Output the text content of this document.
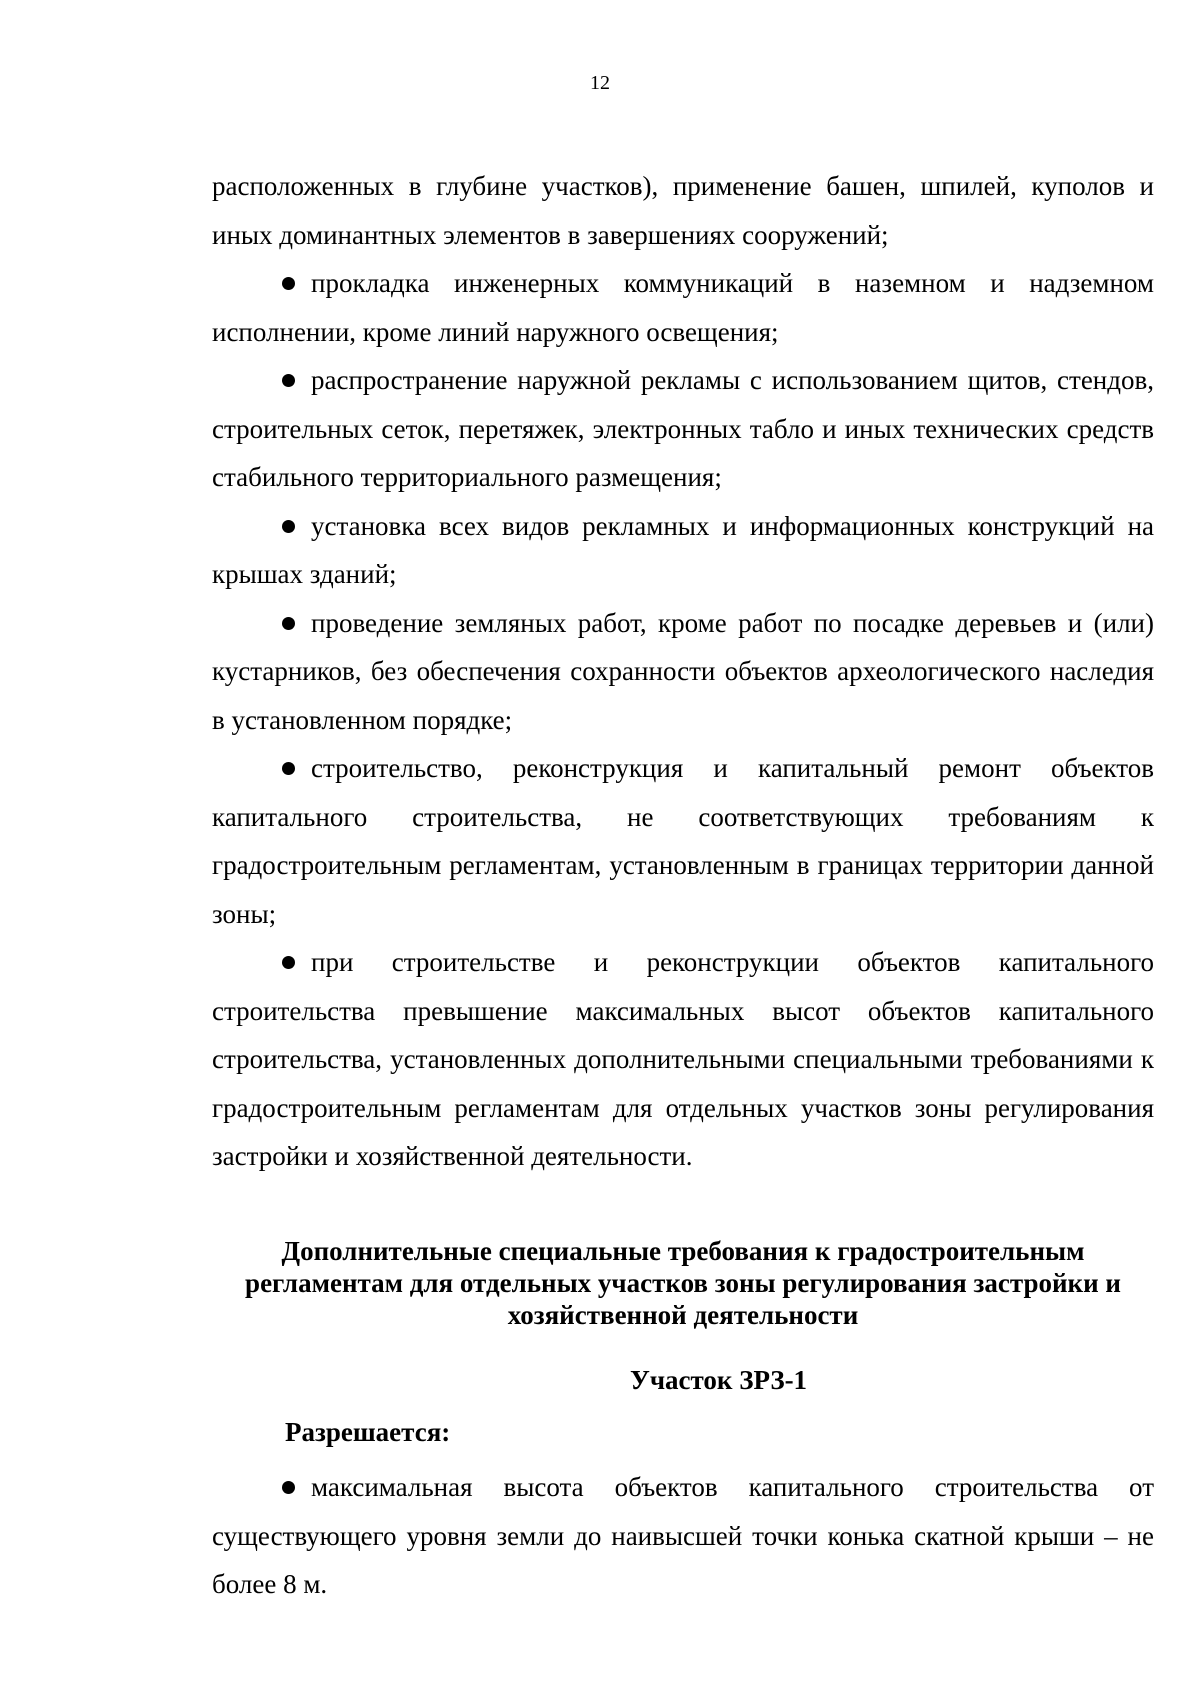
12

расположенных в глубине участков), применение башен, шпилей, куполов и иных доминантных элементов в завершениях сооружений;

прокладка инженерных коммуникаций в наземном и надземном исполнении, кроме линий наружного освещения;

распространение наружной рекламы с использованием щитов, стендов, строительных сеток, перетяжек, электронных табло и иных технических средств стабильного территориального размещения;

установка всех видов рекламных и информационных конструкций на крышах зданий;

проведение земляных работ, кроме работ по посадке деревьев и (или) кустарников, без обеспечения сохранности объектов археологического наследия в установленном порядке;

строительство, реконструкция и капитальный ремонт объектов капитального строительства, не соответствующих требованиям к градостроительным регламентам, установленным в границах территории данной зоны;

при строительстве и реконструкции объектов капитального строительства превышение максимальных высот объектов капитального строительства, установленных дополнительными специальными требованиями к градостроительным регламентам для отдельных участков зоны регулирования застройки и хозяйственной деятельности.

Дополнительные специальные требования к градостроительным регламентам для отдельных участков зоны регулирования застройки и хозяйственной деятельности
Участок ЗРЗ-1
Разрешается:

максимальная высота объектов капитального строительства от существующего уровня земли до наивысшей точки конька скатной крыши – не более 8 м.
